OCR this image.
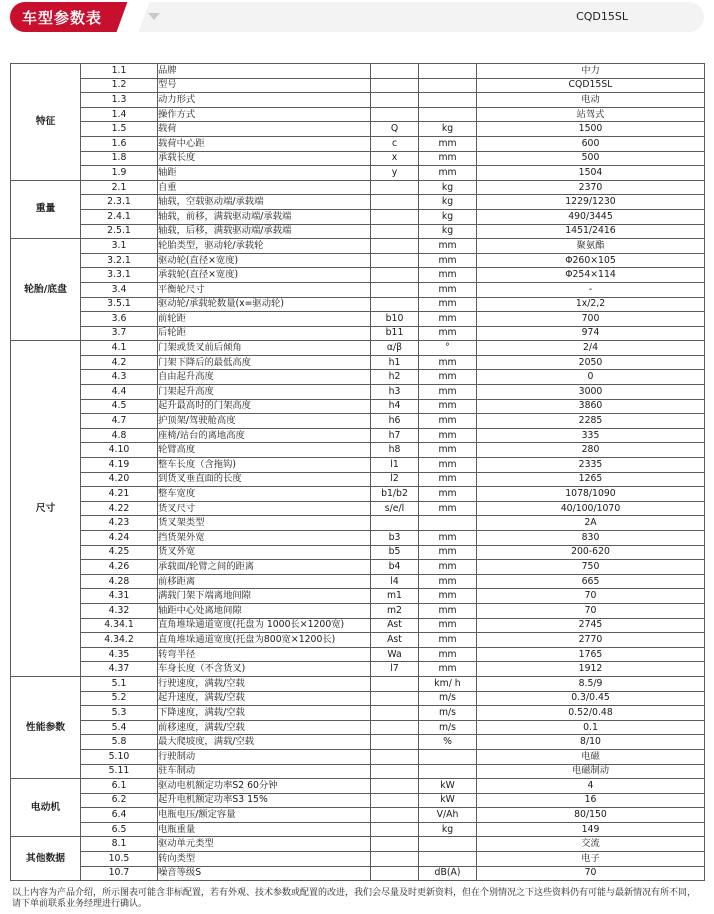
车型参数表	CQD15SL
特征	1.1	品牌			中力
	1.2	型号			CQD15SL
	1.3	动力形式			电动
	1.4	操作方式			站驾式
	1.5	载荷	Q	kg	1500
	1.6	载荷中心距	c	mm	600
	1.8	承载长度	x	mm	500
	1.9	轴距	y	mm	1504
重量	2.1	自重		kg	2370
	2.3.1	轴载，空载驱动端/承载端		kg	1229/1230
	2.4.1	轴载，前移，满载驱动端/承载端		kg	490/3445
	2.5.1	轴载，后移，满载驱动端/承载端		kg	1451/2416
轮胎/底盘	3.1	轮胎类型，驱动轮/承载轮		mm	聚氨酯
	3.2.1	驱动轮(直径×宽度)		mm	Φ260×105
	3.3.1	承载轮(直径×宽度)		mm	Φ254×114
	3.4	平衡轮尺寸		mm	-
	3.5.1	驱动轮/承载轮数量(x=驱动轮)		mm	1x/2,2
	3.6	前轮距	b10	mm	700
	3.7	后轮距	b11	mm	974
尺寸	4.1	门架或货叉前后倾角	α/β	°	2/4
	4.2	门架下降后的最低高度	h1	mm	2050
	4.3	自由起升高度	h2	mm	0
	4.4	门架起升高度	h3	mm	3000
	4.5	起升最高时的门架高度	h4	mm	3860
	4.7	护顶架/驾驶舱高度	h6	mm	2285
	4.8	座椅/站台的离地高度	h7	mm	335
	4.10	轮臂高度	h8	mm	280
	4.19	整车长度（含拖钩)	l1	mm	2335
	4.20	到货叉垂直面的长度	l2	mm	1265
	4.21	整车宽度	b1/b2	mm	1078/1090
	4.22	货叉尺寸	s/e/l	mm	40/100/1070
	4.23	货叉架类型			2A
	4.24	挡货架外宽	b3	mm	830
	4.25	货叉外宽	b5	mm	200-620
	4.26	承载面/轮臂之间的距离	b4	mm	750
	4.28	前移距离	l4	mm	665
	4.31	满载门架下端离地间隙	m1	mm	70
	4.32	轴距中心处离地间隙	m2	mm	70
	4.34.1	直角堆垛通道宽度(托盘为 1000长×1200宽)	Ast	mm	2745
	4.34.2	直角堆垛通道宽度(托盘为800宽×1200长)	Ast	mm	2770
	4.35	转弯半径	Wa	mm	1765
	4.37	车身长度（不含货叉)	l7	mm	1912
性能参数	5.1	行驶速度，满载/空载		km/ h	8.5/9
	5.2	起升速度，满载/空载		m/s	0.3/0.45
	5.3	下降速度，满载/空载		m/s	0.52/0.48
	5.4	前移速度，满载/空载		m/s	0.1
	5.8	最大爬坡度，满载/空载		%	8/10
	5.10	行驶制动			电磁
	5.11	驻车制动			电磁制动
电动机	6.1	驱动电机额定功率S2 60分钟		kW	4
	6.2	起升电机额定功率S3 15%		kW	16
	6.4	电瓶电压/额定容量		V/Ah	80/150
	6.5	电瓶重量		kg	149
其他数据	8.1	驱动单元类型			交流
	10.5	转向类型			电子
	10.7	噪音等级S		dB(A)	70
以上内容为产品介绍，所示图表可能含非标配置，若有外观、技术参数或配置的改进，我们会尽量及时更新资料，但在个别情况之下这些资料仍有可能与最新情况有所不同，请下单前联系业务经理进行确认。
